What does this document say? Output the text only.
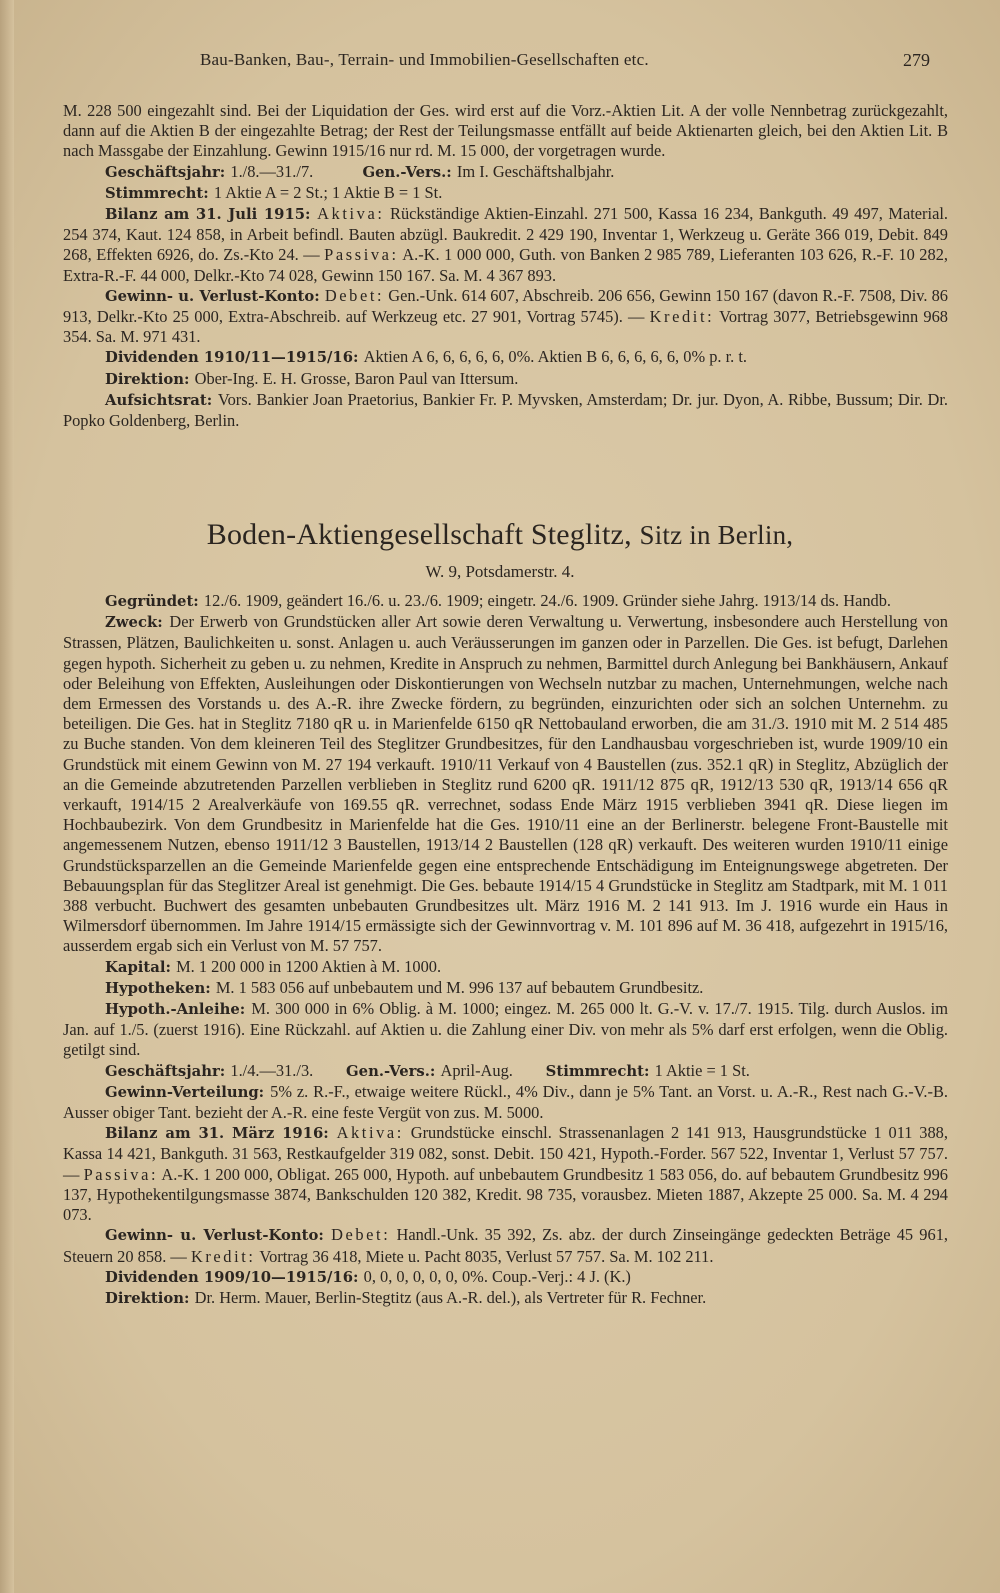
Bau-Banken, Bau-, Terrain- und Immobilien-Gesellschaften etc.	279

M. 228 500 eingezahlt sind. Bei der Liquidation der Ges. wird erst auf die Vorz.-Aktien Lit. A der volle Nennbetrag zurückgezahlt, dann auf die Aktien B der eingezahlte Betrag; der Rest der Teilungsmasse entfällt auf beide Aktienarten gleich, bei den Aktien Lit. B nach Massgabe der Einzahlung. Gewinn 1915/16 nur rd. M. 15 000, der vorgetragen wurde.

Geschäftsjahr: 1./8.—31./7.   Gen.-Vers.: Im I. Geschäftshalbjahr.

Stimmrecht: 1 Aktie A = 2 St.; 1 Aktie B = 1 St.

Bilanz am 31. Juli 1915: Aktiva: Rückständige Aktien-Einzahl. 271 500, Kassa 16 234, Bankguth. 49 497, Material. 254 374, Kaut. 124 858, in Arbeit befindl. Bauten abzügl. Baukredit. 2 429 190, Inventar 1, Werkzeug u. Geräte 366 019, Debit. 849 268, Effekten 6926, do. Zs.-Kto 24. — Passiva: A.-K. 1 000 000, Guth. von Banken 2 985 789, Lieferanten 103 626, R.-F. 10 282, Extra-R.-F. 44 000, Delkr.-Kto 74 028, Gewinn 150 167. Sa. M. 4 367 893.

Gewinn- u. Verlust-Konto: Debet: Gen.-Unk. 614 607, Abschreib. 206 656, Gewinn 150 167 (davon R.-F. 7508, Div. 86 913, Delkr.-Kto 25 000, Extra-Abschreib. auf Werkzeug etc. 27 901, Vortrag 5745). — Kredit: Vortrag 3077, Betriebsgewinn 968 354. Sa. M. 971 431.

Dividenden 1910/11—1915/16: Aktien A 6, 6, 6, 6, 6, 0%. Aktien B 6, 6, 6, 6, 6, 0% p. r. t.

Direktion: Ober-Ing. E. H. Grosse, Baron Paul van Ittersum.

Aufsichtsrat: Vors. Bankier Joan Praetorius, Bankier Fr. P. Myvsken, Amsterdam; Dr. jur. Dyon, A. Ribbe, Bussum; Dir. Dr. Popko Goldenberg, Berlin.

Boden-Aktiengesellschaft Steglitz, Sitz in Berlin,
W. 9, Potsdamerstr. 4.

Gegründet: 12./6. 1909, geändert 16./6. u. 23./6. 1909; eingetr. 24./6. 1909. Gründer siehe Jahrg. 1913/14 ds. Handb.

Zweck: Der Erwerb von Grundstücken aller Art sowie deren Verwaltung u. Verwertung, insbesondere auch Herstellung von Strassen, Plätzen, Baulichkeiten u. sonst. Anlagen u. auch Veräusserungen im ganzen oder in Parzellen. Die Ges. ist befugt, Darlehen gegen hypoth. Sicherheit zu geben u. zu nehmen, Kredite in Anspruch zu nehmen, Barmittel durch Anlegung bei Bankhäusern, Ankauf oder Beleihung von Effekten, Ausleihungen oder Diskontierungen von Wechseln nutzbar zu machen, Unternehmungen, welche nach dem Ermessen des Vorstands u. des A.-R. ihre Zwecke fördern, zu begründen, einzurichten oder sich an solchen Unternehm. zu beteiligen. Die Ges. hat in Steglitz 7180 qR u. in Marienfelde 6150 qR Nettobauland erworben, die am 31./3. 1910 mit M. 2 514 485 zu Buche standen. Von dem kleineren Teil des Steglitzer Grundbesitzes, für den Landhausbau vorgeschrieben ist, wurde 1909/10 ein Grundstück mit einem Gewinn von M. 27 194 verkauft. 1910/11 Verkauf von 4 Baustellen (zus. 352.1 qR) in Steglitz, Abzüglich der an die Gemeinde abzutretenden Parzellen verblieben in Steglitz rund 6200 qR. 1911/12 875 qR, 1912/13 530 qR, 1913/14 656 qR verkauft, 1914/15 2 Arealverkäufe von 169.55 qR. verrechnet, sodass Ende März 1915 verblieben 3941 qR. Diese liegen im Hochbaubezirk. Von dem Grundbesitz in Marienfelde hat die Ges. 1910/11 eine an der Berlinerstr. belegene Front-Baustelle mit angemessenem Nutzen, ebenso 1911/12 3 Baustellen, 1913/14 2 Baustellen (128 qR) verkauft. Des weiteren wurden 1910/11 einige Grundstücksparzellen an die Gemeinde Marienfelde gegen eine entsprechende Entschädigung im Enteignungswege abgetreten. Der Bebauungsplan für das Steglitzer Areal ist genehmigt. Die Ges. bebaute 1914/15 4 Grundstücke in Steglitz am Stadtpark, mit M. 1 011 388 verbucht. Buchwert des gesamten unbebauten Grundbesitzes ult. März 1916 M. 2 141 913. Im J. 1916 wurde ein Haus in Wilmersdorf übernommen. Im Jahre 1914/15 ermässigte sich der Gewinnvortrag v. M. 101 896 auf M. 36 418, aufgezehrt in 1915/16, ausserdem ergab sich ein Verlust von M. 57 757.

Kapital: M. 1 200 000 in 1200 Aktien à M. 1000.

Hypotheken: M. 1 583 056 auf unbebautem und M. 996 137 auf bebautem Grundbesitz.

Hypoth.-Anleihe: M. 300 000 in 6% Oblig. à M. 1000; eingez. M. 265 000 lt. G.-V. v. 17./7. 1915. Tilg. durch Auslos. im Jan. auf 1./5. (zuerst 1916). Eine Rückzahl. auf Aktien u. die Zahlung einer Div. von mehr als 5% darf erst erfolgen, wenn die Oblig. getilgt sind.

Geschäftsjahr: 1./4.—31./3.  Gen.-Vers.: April-Aug.  Stimmrecht: 1 Aktie = 1 St.

Gewinn-Verteilung: 5% z. R.-F., etwaige weitere Rückl., 4% Div., dann je 5% Tant. an Vorst. u. A.-R., Rest nach G.-V.-B. Ausser obiger Tant. bezieht der A.-R. eine feste Vergüt von zus. M. 5000.

Bilanz am 31. März 1916: Aktiva: Grundstücke einschl. Strassenanlagen 2 141 913, Hausgrundstücke 1 011 388, Kassa 14 421, Bankguth. 31 563, Restkaufgelder 319 082, sonst. Debit. 150 421, Hypoth.-Forder. 567 522, Inventar 1, Verlust 57 757. — Passiva: A.-K. 1 200 000, Obligat. 265 000, Hypoth. auf unbebautem Grundbesitz 1 583 056, do. auf bebautem Grundbesitz 996 137, Hypothekentilgungsmasse 3874, Bankschulden 120 382, Kredit. 98 735, vorausbez. Mieten 1887, Akzepte 25 000. Sa. M. 4 294 073.

Gewinn- u. Verlust-Konto: Debet: Handl.-Unk. 35 392, Zs. abz. der durch Zinseingänge gedeckten Beträge 45 961, Steuern 20 858. — Kredit: Vortrag 36 418, Miete u. Pacht 8035, Verlust 57 757. Sa. M. 102 211.

Dividenden 1909/10—1915/16: 0, 0, 0, 0, 0, 0, 0%. Coup.-Verj.: 4 J. (K.)

Direktion: Dr. Herm. Mauer, Berlin-Stegtitz (aus A.-R. del.), als Vertreter für R. Fechner.
